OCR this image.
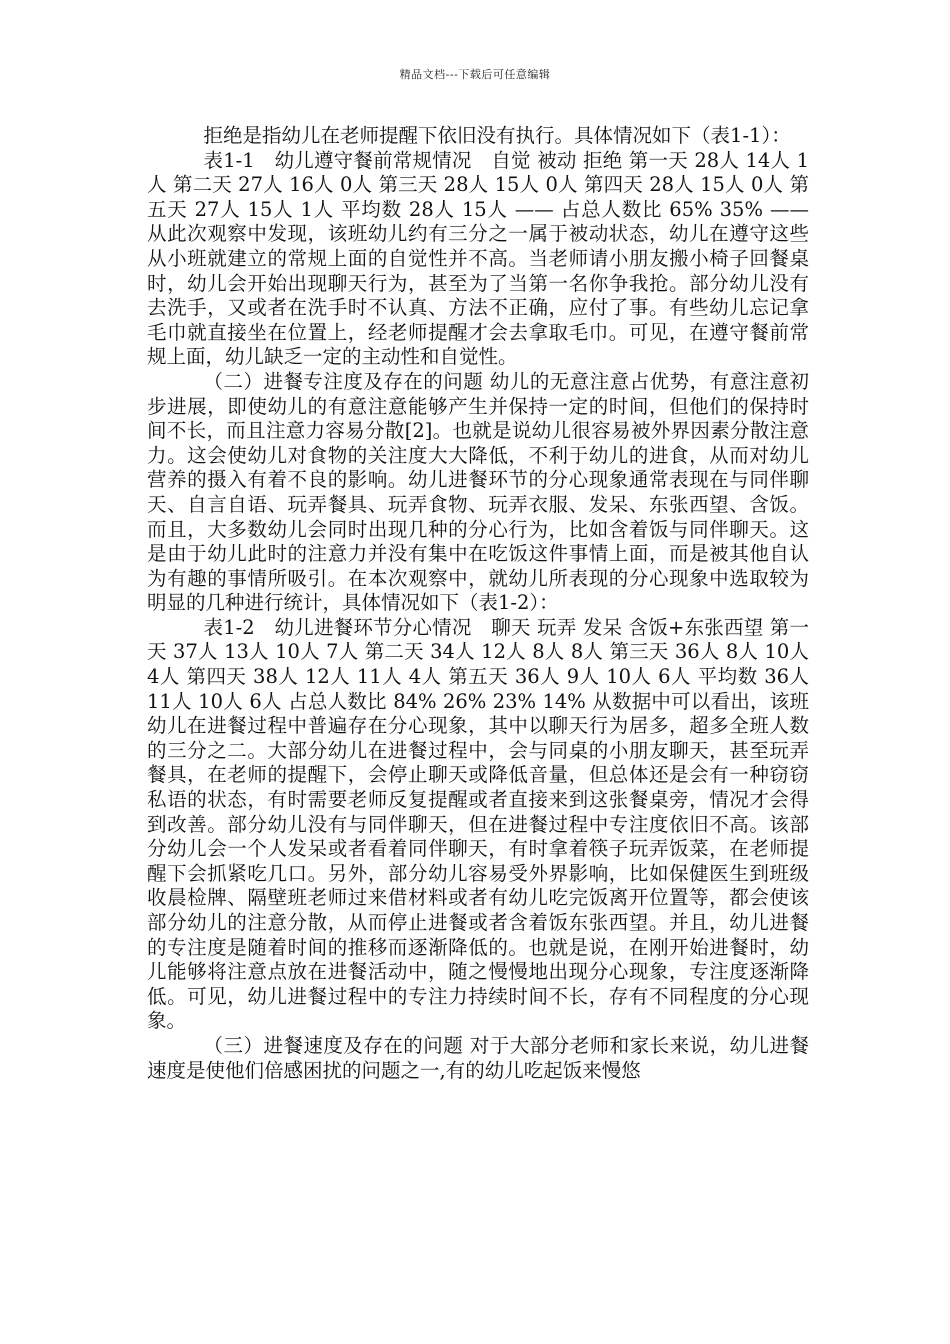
精品文档---下载后可任意编辑

拒绝是指幼儿在老师提醒下依旧没有执行。具体情况如下（表1-1）：

表1-1　幼儿遵守餐前常规情况　自觉 被动 拒绝 第一天 28人 14人 1人 第二天 27人 16人 0人 第三天 28人 15人 0人 第四天 28人 15人 0人 第五天 27人 15人 1人 平均数 28人 15人 —— 占总人数比 65% 35% —— 从此次观察中发现，该班幼儿约有三分之一属于被动状态，幼儿在遵守这些从小班就建立的常规上面的自觉性并不高。当老师请小朋友搬小椅子回餐桌时，幼儿会开始出现聊天行为，甚至为了当第一名你争我抢。部分幼儿没有去洗手，又或者在洗手时不认真、方法不正确，应付了事。有些幼儿忘记拿毛巾就直接坐在位置上，经老师提醒才会去拿取毛巾。可见，在遵守餐前常规上面，幼儿缺乏一定的主动性和自觉性。

（二）进餐专注度及存在的问题 幼儿的无意注意占优势，有意注意初步进展，即使幼儿的有意注意能够产生并保持一定的时间，但他们的保持时间不长，而且注意力容易分散[2]。也就是说幼儿很容易被外界因素分散注意力。这会使幼儿对食物的关注度大大降低，不利于幼儿的进食，从而对幼儿营养的摄入有着不良的影响。幼儿进餐环节的分心现象通常表现在与同伴聊天、自言自语、玩弄餐具、玩弄食物、玩弄衣服、发呆、东张西望、含饭。而且，大多数幼儿会同时出现几种的分心行为，比如含着饭与同伴聊天。这是由于幼儿此时的注意力并没有集中在吃饭这件事情上面，而是被其他自认为有趣的事情所吸引。在本次观察中，就幼儿所表现的分心现象中选取较为明显的几种进行统计，具体情况如下（表1-2）：

表1-2　幼儿进餐环节分心情况　聊天 玩弄 发呆 含饭+东张西望 第一天 37人 13人 10人 7人 第二天 34人 12人 8人 8人 第三天 36人 8人 10人 4人 第四天 38人 12人 11人 4人 第五天 36人 9人 10人 6人 平均数 36人 11人 10人 6人 占总人数比 84% 26% 23% 14% 从数据中可以看出，该班幼儿在进餐过程中普遍存在分心现象，其中以聊天行为居多，超多全班人数的三分之二。大部分幼儿在进餐过程中，会与同桌的小朋友聊天，甚至玩弄餐具，在老师的提醒下，会停止聊天或降低音量，但总体还是会有一种窃窃私语的状态，有时需要老师反复提醒或者直接来到这张餐桌旁，情况才会得到改善。部分幼儿没有与同伴聊天，但在进餐过程中专注度依旧不高。该部分幼儿会一个人发呆或者看着同伴聊天，有时拿着筷子玩弄饭菜，在老师提醒下会抓紧吃几口。另外，部分幼儿容易受外界影响，比如保健医生到班级收晨检牌、隔壁班老师过来借材料或者有幼儿吃完饭离开位置等，都会使该部分幼儿的注意分散，从而停止进餐或者含着饭东张西望。并且，幼儿进餐的专注度是随着时间的推移而逐渐降低的。也就是说，在刚开始进餐时，幼儿能够将注意点放在进餐活动中，随之慢慢地出现分心现象，专注度逐渐降低。可见，幼儿进餐过程中的专注力持续时间不长，存有不同程度的分心现象。

（三）进餐速度及存在的问题 对于大部分老师和家长来说，幼儿进餐速度是使他们倍感困扰的问题之一,有的幼儿吃起饭来慢悠
